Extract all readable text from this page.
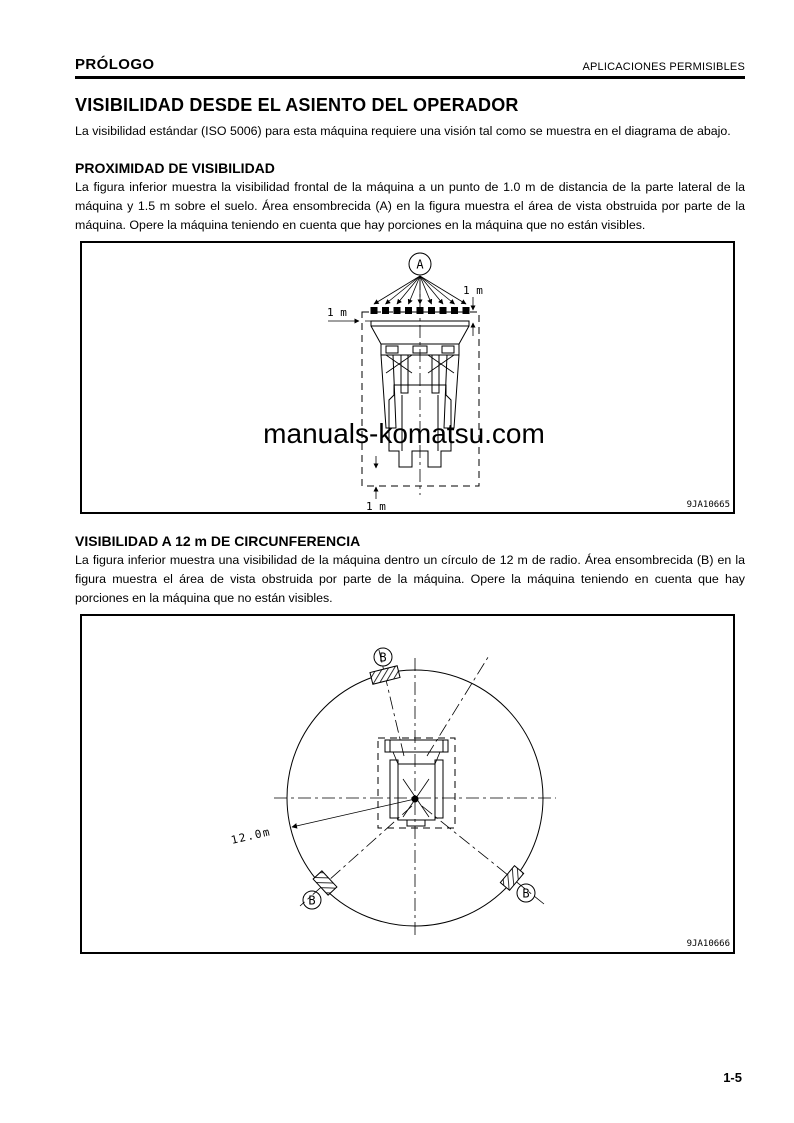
PRÓLOGO	APLICACIONES PERMISIBLES
VISIBILIDAD DESDE EL ASIENTO DEL OPERADOR

La visibilidad estándar (ISO 5006) para esta máquina requiere una visión tal como se muestra en el diagrama de abajo.

PROXIMIDAD DE VISIBILIDAD

La figura inferior muestra la visibilidad frontal de la máquina a un punto de 1.0 m de distancia de la parte lateral de la máquina y 1.5 m sobre el suelo. Área ensombrecida (A) en la figura muestra el área de vista obstruida por parte de la máquina. Opere la máquina teniendo en cuenta que hay porciones en la máquina que no están visibles.

A
1 m
1 m
1 m
manuals-komatsu.com
9JA10665
VISIBILIDAD A 12 m DE CIRCUNFERENCIA

La figura inferior muestra una visibilidad de la máquina dentro un círculo de 12 m de radio. Área ensombrecida (B) en la figura muestra el área de vista obstruida por parte de la máquina. Opere la máquina teniendo en cuenta que hay porciones en la máquina que no están visibles.

12.0m
B
B	B
9JA10666
1-5
